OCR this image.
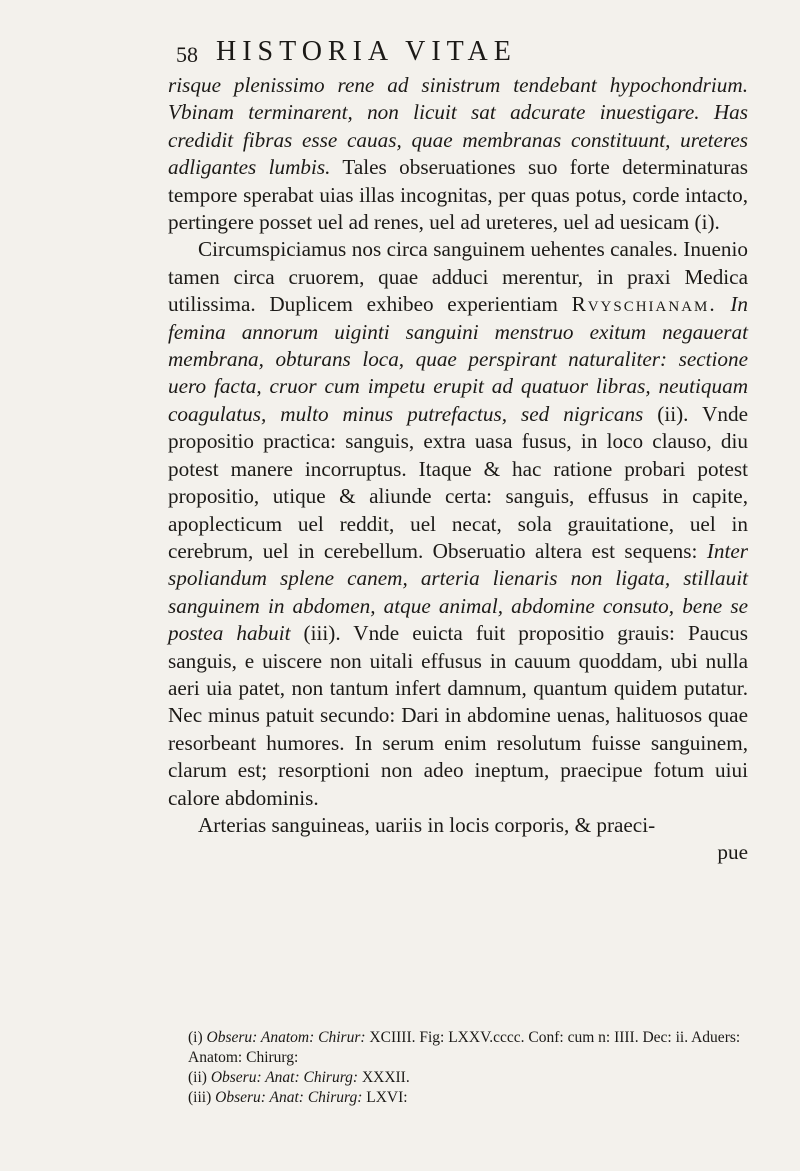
58 HISTORIA VITAE

risque plenissimo rene ad sinistrum tendebant hypochondrium. Vbinam terminarent, non licuit sat adcurate inuestigare. Has credidit fibras esse cauas, quae membranas constituunt, ureteres adligantes lumbis. Tales obseruationes suo forte determinaturas tempore sperabat uias illas incognitas, per quas potus, corde intacto, pertingere posset uel ad renes, uel ad ureteres, uel ad uesicam (i).

Circumspiciamus nos circa sanguinem uehentes canales. Inuenio tamen circa cruorem, quae adduci merentur, in praxi Medica utilissima. Duplicem exhibeo experientiam Rvyschianam. In femina annorum uiginti sanguini menstruo exitum negauerat membrana, obturans loca, quae perspirant naturaliter: sectione uero facta, cruor cum impetu erupit ad quatuor libras, neutiquam coagulatus, multo minus putrefactus, sed nigricans (ii). Vnde propositio practica: sanguis, extra uasa fusus, in loco clauso, diu potest manere incorruptus. Itaque & hac ratione probari potest propositio, utique & aliunde certa: sanguis, effusus in capite, apoplecticum uel reddit, uel necat, sola grauitatione, uel in cerebrum, uel in cerebellum. Obseruatio altera est sequens: Inter spoliandum splene canem, arteria lienaris non ligata, stillauit sanguinem in abdomen, atque animal, abdomine consuto, bene se postea habuit (iii). Vnde euicta fuit propositio grauis: Paucus sanguis, e uiscere non uitali effusus in cauum quoddam, ubi nulla aeri uia patet, non tantum infert damnum, quantum quidem putatur. Nec minus patuit secundo: Dari in abdomine uenas, halituosos quae resorbeant humores. In serum enim resolutum fuisse sanguinem, clarum est; resorptioni non adeo ineptum, praecipue fotum uiui calore abdominis.

Arterias sanguineas, uariis in locis corporis, & praeci-

pue

(i) Obseru: Anatom: Chirur: XCIIII. Fig: LXXV.cccc. Conf: cum n: IIII. Dec: ii. Aduers: Anatom: Chirurg:

(ii) Obseru: Anat: Chirurg: XXXII.

(iii) Obseru: Anat: Chirurg: LXVI:
